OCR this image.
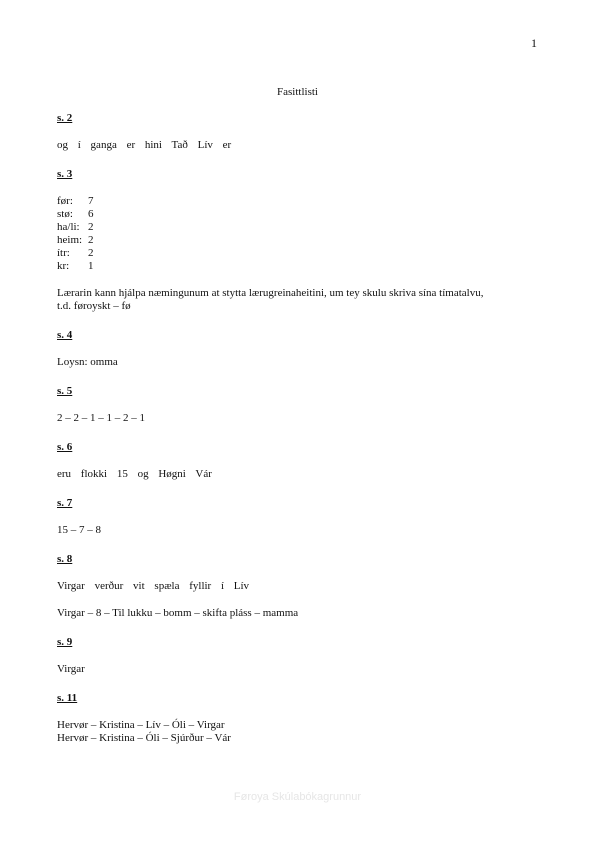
1
Fasittlisti

s. 2

og í ganga er hini Tað Lív er

s. 3

før:	7
stø:	6
ha/li: 2
heim: 2
ítr:	2
kr:	1

Lærarin kann hjálpa næmingunum at stytta lærugreinaheitini, um tey skulu skriva sína tímatalvu,

t.d. føroyskt – fø

s. 4

Loysn: omma

s. 5

2 – 2 – 1 – 1 – 2 – 1

s. 6

eru flokki 15 og Høgni Vár

s. 7

15 – 7 – 8

s. 8

Virgar verður vit spæla fyllir í Lív

Virgar – 8 – Til lukku – bomm – skifta pláss – mamma

s. 9

Virgar

s. 11

Hervør – Kristina – Lív – Óli – Virgar

Hervør – Kristina – Óli – Sjúrður – Vár

Føroya Skúlabókagrunnur
